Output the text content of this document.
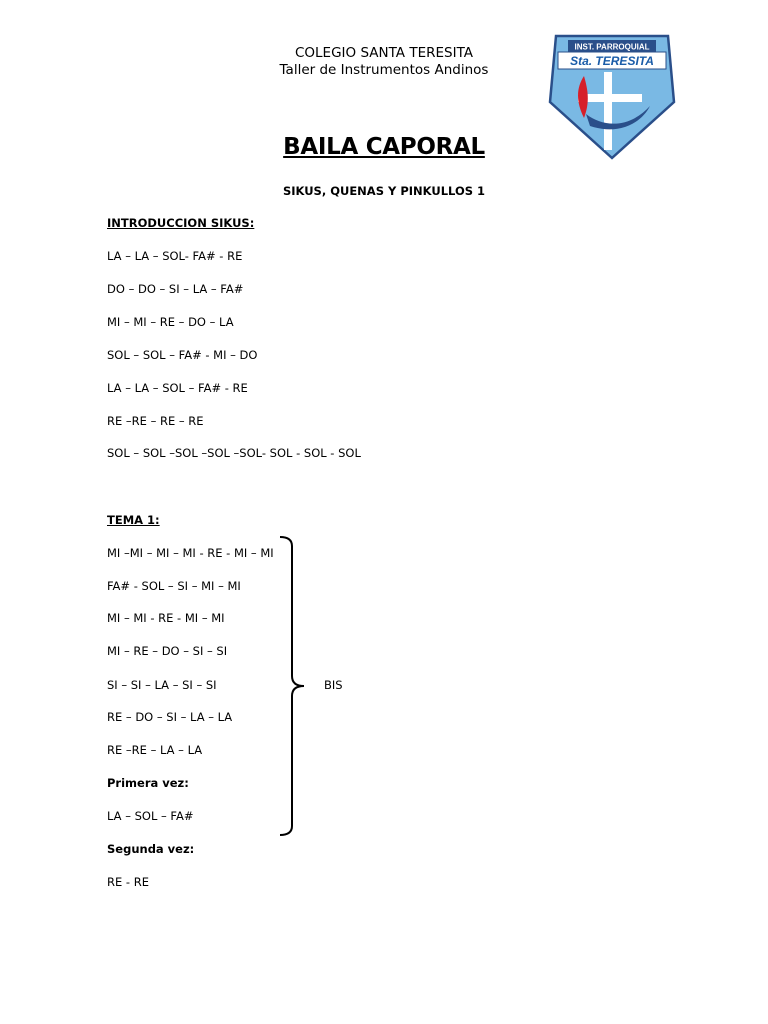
COLEGIO SANTA TERESITA
Taller de Instrumentos Andinos
INST. PARROQUIAL
Sta. TERESITA
BAILA CAPORAL
SIKUS, QUENAS Y PINKULLOS 1
INTRODUCCION SIKUS:
LA – LA – SOL- FA# - RE
DO – DO – SI – LA – FA#
MI – MI – RE – DO – LA
SOL – SOL – FA# - MI – DO
LA – LA – SOL – FA# - RE
RE –RE – RE – RE
SOL – SOL –SOL –SOL –SOL- SOL - SOL - SOL
TEMA 1:
MI –MI – MI – MI - RE - MI – MI
FA# - SOL – SI – MI – MI
MI – MI - RE - MI – MI
MI – RE – DO – SI – SI
SI – SI – LA – SI – SI
RE – DO – SI – LA – LA
RE –RE – LA – LA
Primera vez:
LA – SOL – FA#
Segunda vez:
RE - RE
BIS
